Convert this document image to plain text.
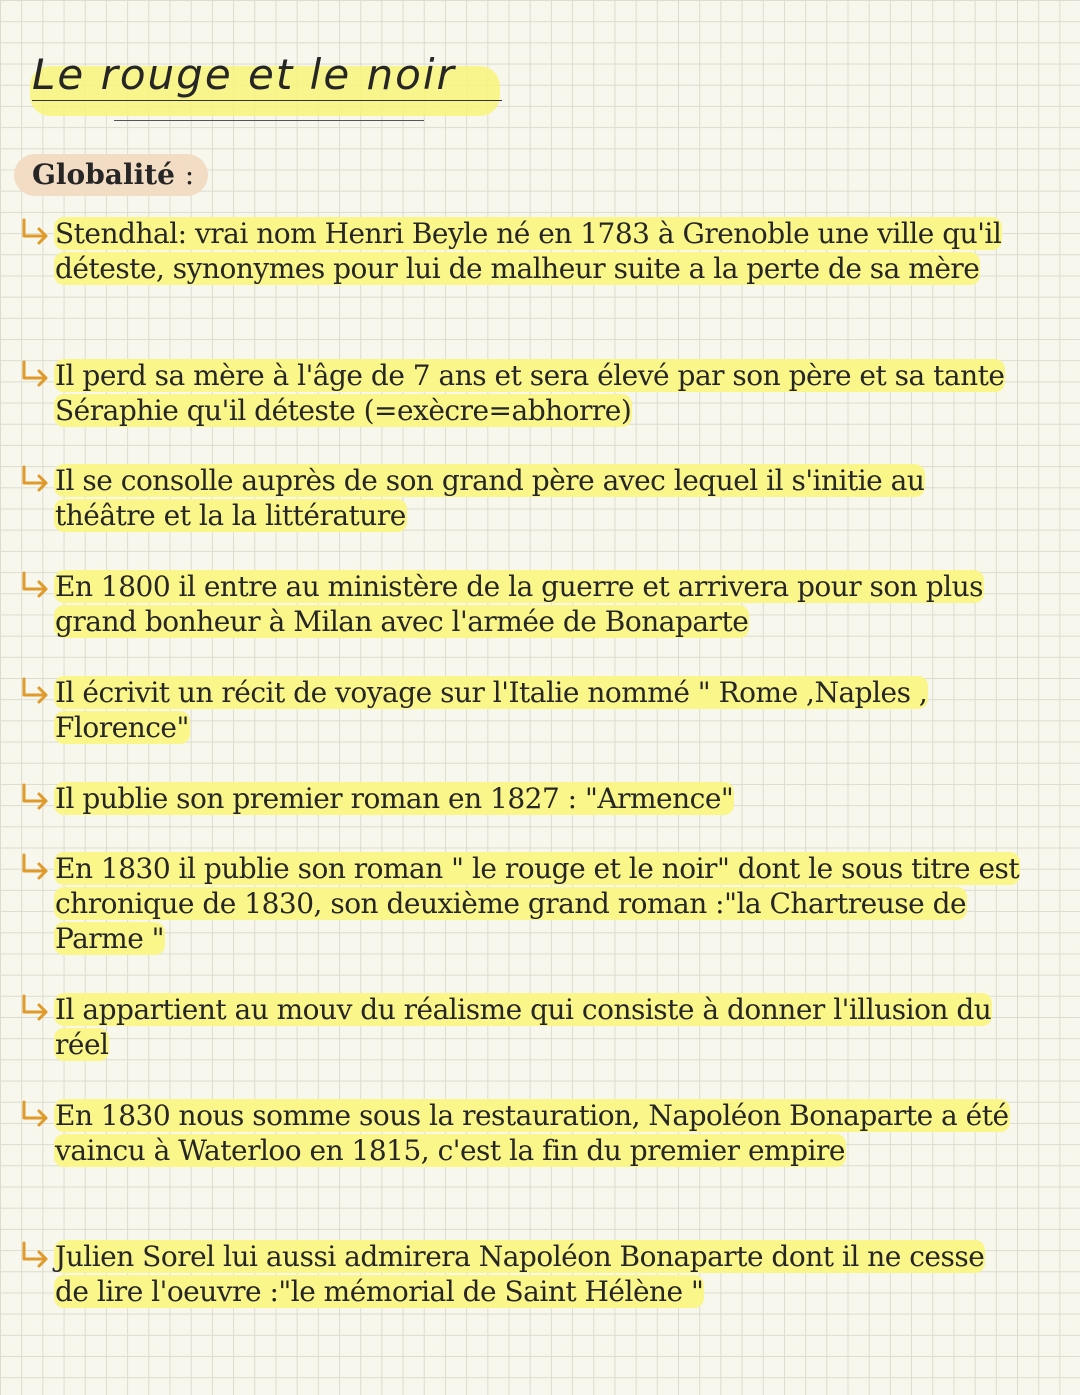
Le rouge et le noir
Globalité :
Stendhal: vrai nom Henri Beyle né en 1783 à Grenoble une ville qu'il déteste, synonymes pour lui de malheur suite a la perte de sa mère
Il perd sa mère à l'âge de 7 ans et sera élevé par son père et sa tante Séraphie qu'il déteste (=exècre=abhorre)
Il se consolle auprès de son grand père avec lequel il s'initie au théâtre et la la littérature
En 1800 il entre au ministère de la guerre et arrivera pour son plus grand bonheur à Milan avec l'armée de Bonaparte
Il écrivit un récit de voyage sur l'Italie nommé " Rome ,Naples , Florence"
Il publie son premier roman en 1827 : "Armence"
En 1830 il publie son roman " le rouge et le noir" dont le sous titre est chronique de 1830, son deuxième grand roman :"la Chartreuse de Parme "
Il appartient au mouv du réalisme qui consiste à donner l'illusion du réel
En 1830 nous somme sous la restauration, Napoléon Bonaparte a été vaincu à Waterloo en 1815, c'est la fin du premier empire
Julien Sorel lui aussi admirera Napoléon Bonaparte dont il ne cesse de lire l'oeuvre :"le mémorial de Saint Hélène "
